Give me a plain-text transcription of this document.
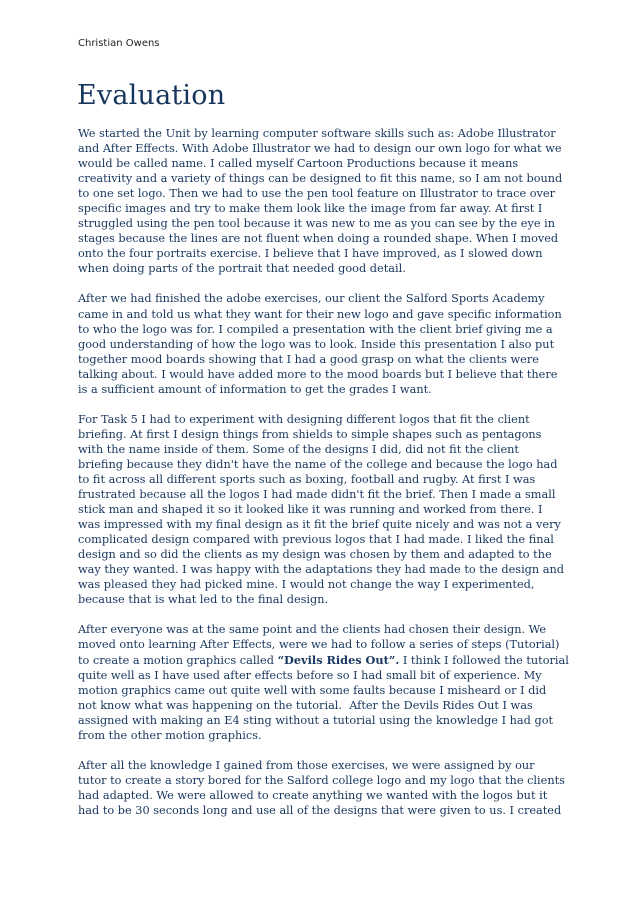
Christian Owens
Evaluation

We started the Unit by learning computer software skills such as: Adobe Illustrator
and After Effects. With Adobe Illustrator we had to design our own logo for what we
would be called name. I called myself Cartoon Productions because it means
creativity and a variety of things can be designed to fit this name, so I am not bound
to one set logo. Then we had to use the pen tool feature on Illustrator to trace over
specific images and try to make them look like the image from far away. At first I
struggled using the pen tool because it was new to me as you can see by the eye in
stages because the lines are not fluent when doing a rounded shape. When I moved
onto the four portraits exercise. I believe that I have improved, as I slowed down
when doing parts of the portrait that needed good detail.

After we had finished the adobe exercises, our client the Salford Sports Academy
came in and told us what they want for their new logo and gave specific information
to who the logo was for. I compiled a presentation with the client brief giving me a
good understanding of how the logo was to look. Inside this presentation I also put
together mood boards showing that I had a good grasp on what the clients were
talking about. I would have added more to the mood boards but I believe that there
is a sufficient amount of information to get the grades I want.

For Task 5 I had to experiment with designing different logos that fit the client
briefing. At first I design things from shields to simple shapes such as pentagons
with the name inside of them. Some of the designs I did, did not fit the client
briefing because they didn't have the name of the college and because the logo had
to fit across all different sports such as boxing, football and rugby. At first I was
frustrated because all the logos I had made didn't fit the brief. Then I made a small
stick man and shaped it so it looked like it was running and worked from there. I
was impressed with my final design as it fit the brief quite nicely and was not a very
complicated design compared with previous logos that I had made. I liked the final
design and so did the clients as my design was chosen by them and adapted to the
way they wanted. I was happy with the adaptations they had made to the design and
was pleased they had picked mine. I would not change the way I experimented,
because that is what led to the final design.

After everyone was at the same point and the clients had chosen their design. We
moved onto learning After Effects, were we had to follow a series of steps (Tutorial)
to create a motion graphics called “Devils Rides Out”. I think I followed the tutorial
quite well as I have used after effects before so I had small bit of experience. My
motion graphics came out quite well with some faults because I misheard or I did
not know what was happening on the tutorial.  After the Devils Rides Out I was
assigned with making an E4 sting without a tutorial using the knowledge I had got
from the other motion graphics.

After all the knowledge I gained from those exercises, we were assigned by our
tutor to create a story bored for the Salford college logo and my logo that the clients
had adapted. We were allowed to create anything we wanted with the logos but it
had to be 30 seconds long and use all of the designs that were given to us. I created
